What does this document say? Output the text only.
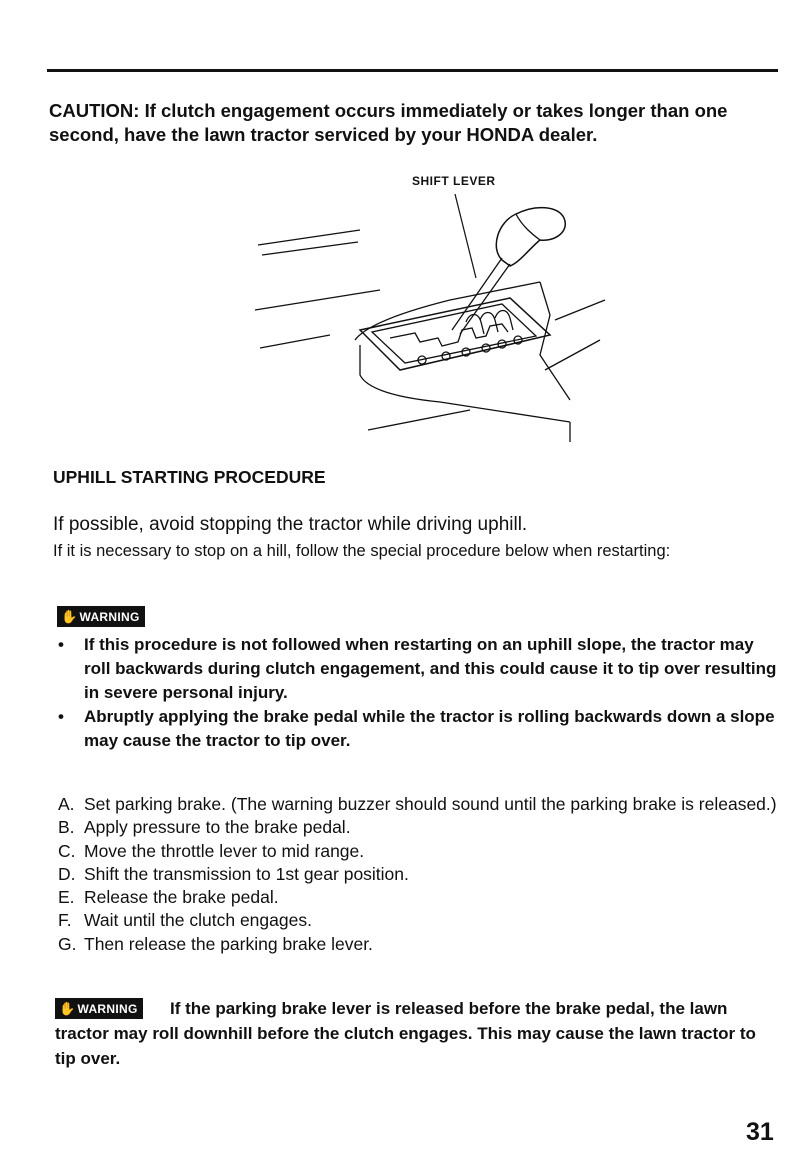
CAUTION: If clutch engagement occurs immediately or takes longer than one second, have the lawn tractor serviced by your HONDA dealer.
SHIFT LEVER
UPHILL STARTING PROCEDURE
If possible, avoid stopping the tractor while driving uphill.
If it is necessary to stop on a hill, follow the special procedure below when restarting:
✋ WARNING
• If this procedure is not followed when restarting on an uphill slope, the tractor may roll backwards during clutch engagement, and this could cause it to tip over resulting in severe personal injury.
• Abruptly applying the brake pedal while the tractor is rolling backwards down a slope may cause the tractor to tip over.
A. Set parking brake. (The warning buzzer should sound until the parking brake is released.)
B. Apply pressure to the brake pedal.
C. Move the throttle lever to mid range.
D. Shift the transmission to 1st gear position.
E. Release the brake pedal.
F. Wait until the clutch engages.
G. Then release the parking brake lever.
✋ WARNING	If the parking brake lever is released before the brake pedal, the lawn tractor may roll downhill before the clutch engages. This may cause the lawn tractor to tip over.
31
